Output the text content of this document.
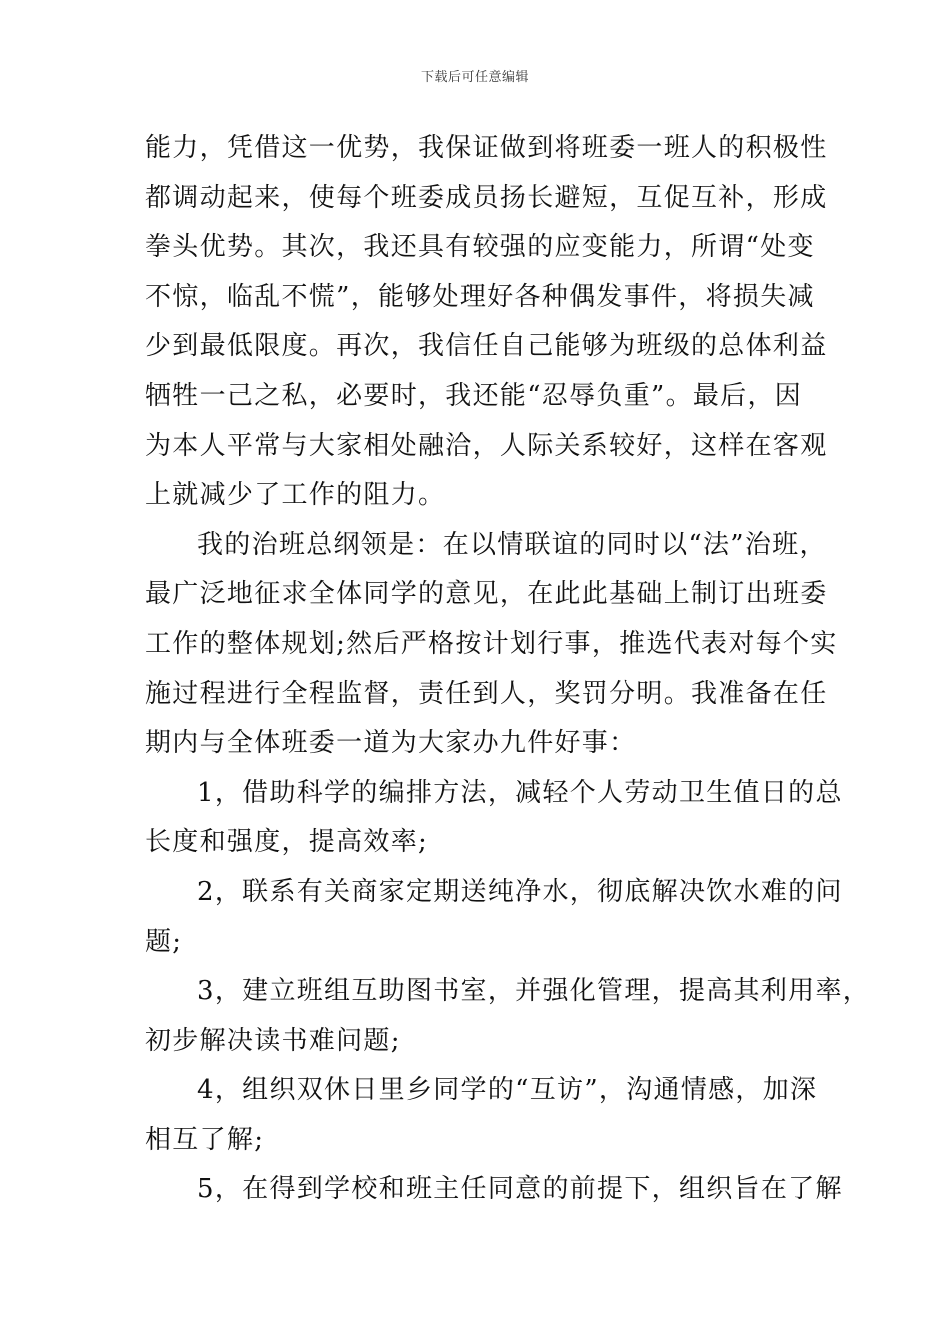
下载后可任意编辑
能力，凭借这一优势，我保证做到将班委一班人的积极性
都调动起来，使每个班委成员扬长避短，互促互补，形成
拳头优势。其次，我还具有较强的应变能力，所谓“处变
不惊，临乱不慌”，能够处理好各种偶发事件，将损失减
少到最低限度。再次，我信任自己能够为班级的总体利益
牺牲一己之私，必要时，我还能“忍辱负重”。最后，因
为本人平常与大家相处融洽，人际关系较好，这样在客观
上就减少了工作的阻力。
我的治班总纲领是：在以情联谊的同时以“法”治班，
最广泛地征求全体同学的意见，在此此基础上制订出班委
工作的整体规划;然后严格按计划行事，推选代表对每个实
施过程进行全程监督，责任到人，奖罚分明。我准备在任
期内与全体班委一道为大家办九件好事：
1，借助科学的编排方法，减轻个人劳动卫生值日的总
长度和强度，提高效率;
2，联系有关商家定期送纯净水，彻底解决饮水难的问
题;
3，建立班组互助图书室，并强化管理，提高其利用率，
初步解决读书难问题;
4，组织双休日里乡同学的“互访”，沟通情感，加深
相互了解;
5，在得到学校和班主任同意的前提下，组织旨在了解
